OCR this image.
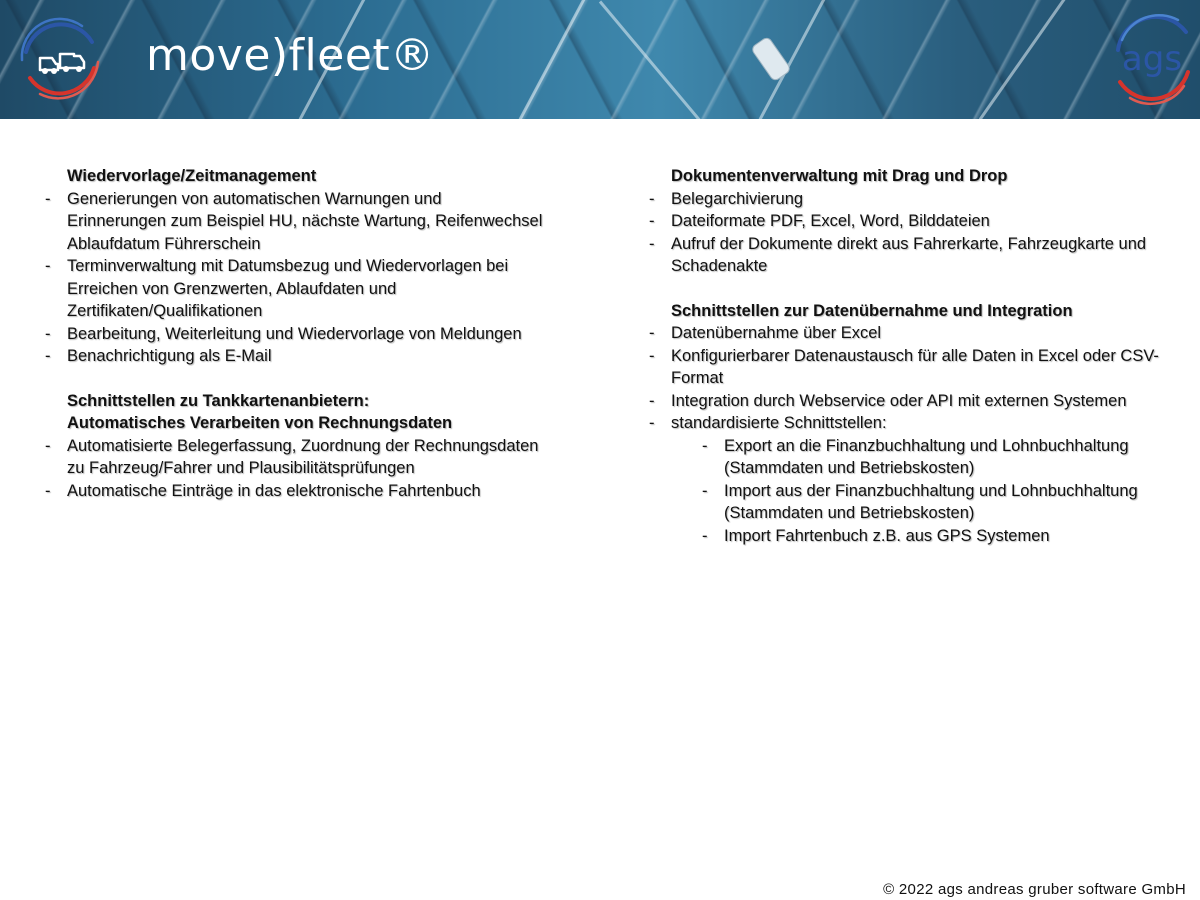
move)fleet®	ags
Wiedervorlage/Zeitmanagement
- Generierungen von automatischen Warnungen und Erinnerungen zum Beispiel HU, nächste Wartung, Reifenwechsel Ablaufdatum Führerschein
- Terminverwaltung mit Datumsbezug und Wiedervorlagen bei Erreichen von Grenzwerten, Ablaufdaten und Zertifikaten/Qualifikationen
- Bearbeitung, Weiterleitung und Wiedervorlage von Meldungen
- Benachrichtigung als E-Mail
Schnittstellen zu Tankkartenanbietern:
Automatisches Verarbeiten von Rechnungsdaten
- Automatisierte Belegerfassung, Zuordnung der Rechnungsdaten zu Fahrzeug/Fahrer und Plausibilitätsprüfungen
- Automatische Einträge in das elektronische Fahrtenbuch
Dokumentenverwaltung mit Drag und Drop
- Belegarchivierung
- Dateiformate PDF, Excel, Word, Bilddateien
- Aufruf der Dokumente direkt aus Fahrerkarte, Fahrzeugkarte und Schadenakte
Schnittstellen zur Datenübernahme und Integration
- Datenübernahme über Excel
- Konfigurierbarer Datenaustausch für alle Daten in Excel oder CSV-Format
- Integration durch Webservice oder API mit externen Systemen
- standardisierte Schnittstellen:
- Export an die Finanzbuchhaltung und Lohnbuchhaltung (Stammdaten und Betriebskosten)
- Import aus der Finanzbuchhaltung und Lohnbuchhaltung (Stammdaten und Betriebskosten)
- Import Fahrtenbuch z.B. aus GPS Systemen
© 2022 ags andreas gruber software GmbH
